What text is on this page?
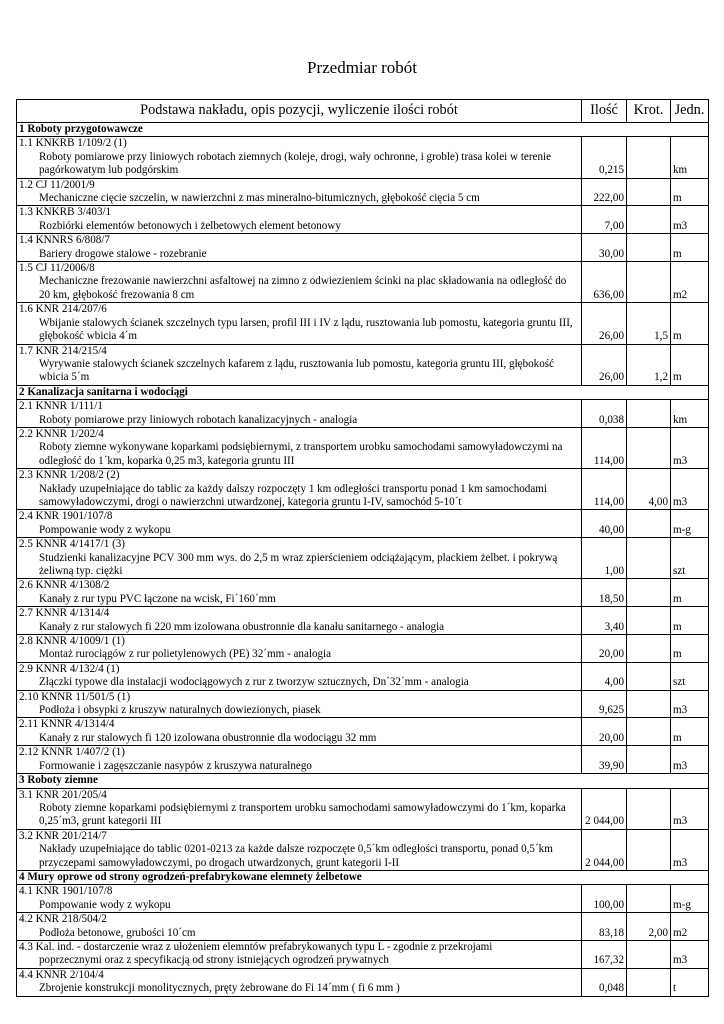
Przedmiar robót
Podstawa nakładu, opis pozycji, wyliczenie ilości robót	Ilość	Krot.	Jedn.
1 Roboty przygotowawcze			

1.1 KNKRB 1/109/2 (1)
Roboty pomiarowe przy liniowych robotach ziemnych (koleje, drogi, wały ochronne, i groble) trasa kolei w terenie pagórkowatym lub podgórskim	0,215		km

1.2 CJ 11/2001/9
Mechaniczne cięcie szczelin, w nawierzchni z mas mineralno-bitumicznych, głębokość cięcia 5 cm	222,00		m

1.3 KNKRB 3/403/1
Rozbiórki elementów betonowych i żelbetowych element betonowy	7,00		m3

1.4 KNNRS 6/808/7
Bariery drogowe stalowe - rozebranie	30,00		m

1.5 CJ 11/2006/8
Mechaniczne frezowanie nawierzchni asfaltowej na zimno z odwiezieniem ścinki na plac składowania na odległość do 20 km, głębokość frezowania 8 cm	636,00		m2

1.6 KNR 214/207/6
Wbijanie stalowych ścianek szczelnych typu larsen, profil III i IV z lądu, rusztowania lub pomostu, kategoria gruntu III, głębokość wbicia 4´m	26,00	1,5	m

1.7 KNR 214/215/4
Wyrywanie stalowych ścianek szczelnych kafarem z lądu, rusztowania lub pomostu, kategoria gruntu III, głębokość wbicia 5´m	26,00	1,2	m
2 Kanalizacja sanitarna i wodociągi			

2.1 KNNR 1/111/1
Roboty pomiarowe przy liniowych robotach kanalizacyjnych - analogia	0,038		km

2.2 KNNR 1/202/4
Roboty ziemne wykonywane koparkami podsiębiernymi, z transportem urobku samochodami samowyładowczymi na odległość do 1´km, koparka 0,25 m3, kategoria gruntu III	114,00		m3

2.3 KNNR 1/208/2 (2)
Nakłady uzupełniające do tablic za każdy dalszy rozpoczęty 1 km odległości transportu ponad 1 km samochodami samowyładowczymi, drogi o nawierzchni utwardzonej, kategoria gruntu I-IV, samochód 5-10´t	114,00	4,00	m3

2.4 KNR 1901/107/8
Pompowanie wody z wykopu	40,00		m-g

2.5 KNNR 4/1417/1 (3)
Studzienki kanalizacyjne PCV 300 mm wys. do 2,5 m wraz zpierścieniem odciążającym, plackiem żelbet. i pokrywą żeliwną typ. ciężki	1,00		szt

2.6 KNNR 4/1308/2
Kanały z rur typu PVC łączone na wcisk, Fi´160´mm	18,50		m

2.7 KNNR 4/1314/4
Kanały z rur stalowych fi 220 mm izolowana obustronnie dla kanału sanitarnego - analogia	3,40		m

2.8 KNNR 4/1009/1 (1)
Montaż rurociągów z rur polietylenowych (PE) 32´mm - analogia	20,00		m

2.9 KNNR 4/132/4 (1)
Złączki typowe dla instalacji wodociągowych z rur z tworzyw sztucznych, Dn´32´mm - analogia	4,00		szt

2.10 KNNR 11/501/5 (1)
Podłoża i obsypki z kruszyw naturalnych dowiezionych, piasek	9,625		m3

2.11 KNNR 4/1314/4
Kanały z rur stalowych fi 120 izolowana obustronnie dla wodociągu 32 mm	20,00		m

2.12 KNNR 1/407/2 (1)
Formowanie i zagęszczanie nasypów z kruszywa naturalnego	39,90		m3
3 Roboty ziemne			

3.1 KNR 201/205/4
Roboty ziemne koparkami podsiębiernymi z transportem urobku samochodami samowyładowczymi do 1´km, koparka 0,25´m3, grunt kategorii III	2 044,00		m3

3.2 KNR 201/214/7
Nakłady uzupełniające do tablic 0201-0213 za każde dalsze rozpoczęte 0,5´km odległości transportu, ponad 0,5´km przyczepami samowyładowczymi, po drogach utwardzonych, grunt kategorii I-II	2 044,00		m3
4 Mury oprowe od strony ogrodzeń-prefabrykowane elemnety żelbetowe			

4.1 KNR 1901/107/8
Pompowanie wody z wykopu	100,00		m-g

4.2 KNR 218/504/2
Podłoża betonowe, grubości 10´cm	83,18	2,00	m2

4.3 Kal. ind. - dostarczenie wraz z ułożeniem elemntów prefabrykowanych typu L - zgodnie z przekrojami
poprzecznymi oraz z specyfikacją od strony istniejących ogrodzeń prywatnych	167,32		m3

4.4 KNNR 2/104/4
Zbrojenie konstrukcji monolitycznych, pręty żebrowane do Fi 14´mm ( fi 6 mm )	0,048		t
